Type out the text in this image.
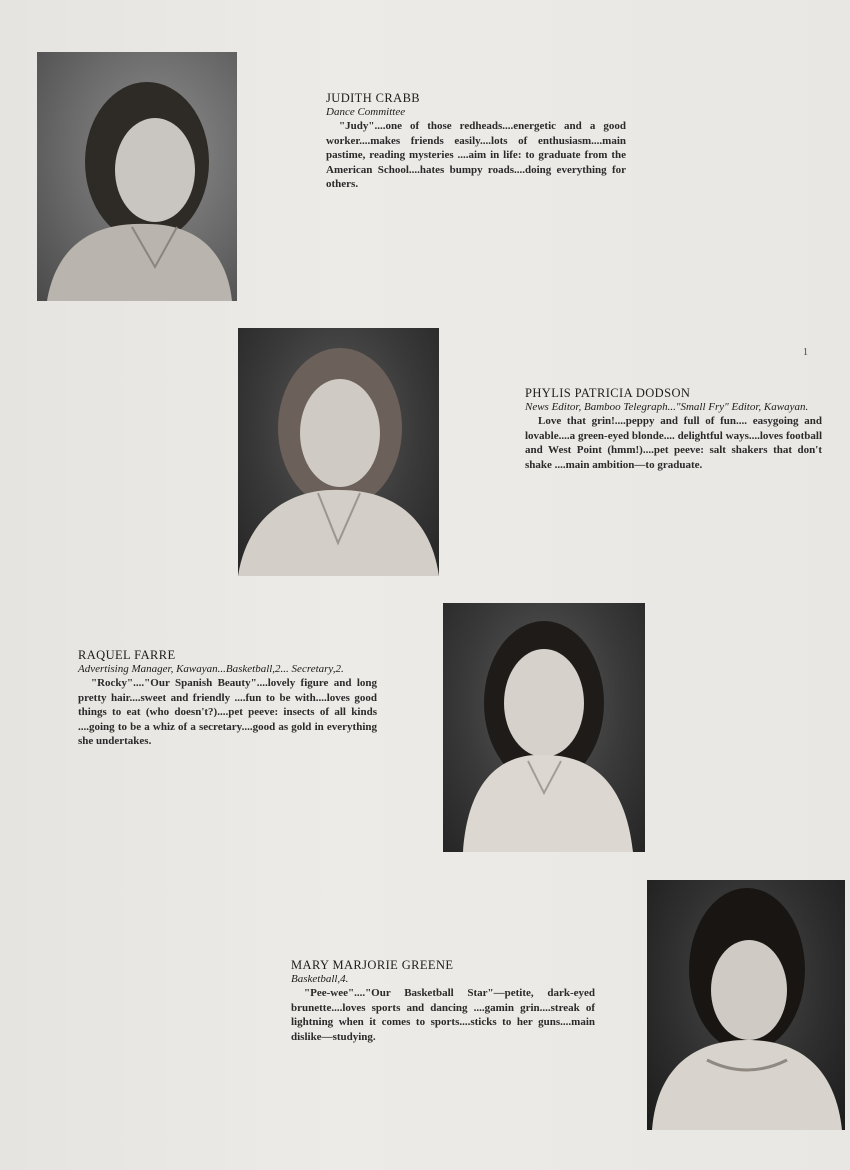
JUDITH CRABB
Dance Committee
"Judy"....one of those redheads....energetic and a good worker....makes friends easily....lots of enthusiasm....main pastime, reading mysteries ....aim in life: to graduate from the American School....hates bumpy roads....doing everything for others.
PHYLIS PATRICIA DODSON
News Editor, Bamboo Telegraph..."Small Fry" Editor, Kawayan.
Love that grin!....peppy and full of fun.... easygoing and lovable....a green-eyed blonde.... delightful ways....loves football and West Point (hmm!)....pet peeve: salt shakers that don't shake ....main ambition—to graduate.
1
RAQUEL FARRE
Advertising Manager, Kawayan...Basketball,2... Secretary,2.
"Rocky"...."Our Spanish Beauty"....lovely figure and long pretty hair....sweet and friendly ....fun to be with....loves good things to eat (who doesn't?)....pet peeve: insects of all kinds ....going to be a whiz of a secretary....good as gold in everything she undertakes.
MARY MARJORIE GREENE
Basketball,4.
"Pee-wee"...."Our Basketball Star"—petite, dark-eyed brunette....loves sports and dancing ....gamin grin....streak of lightning when it comes to sports....sticks to her guns....main dislike—studying.
